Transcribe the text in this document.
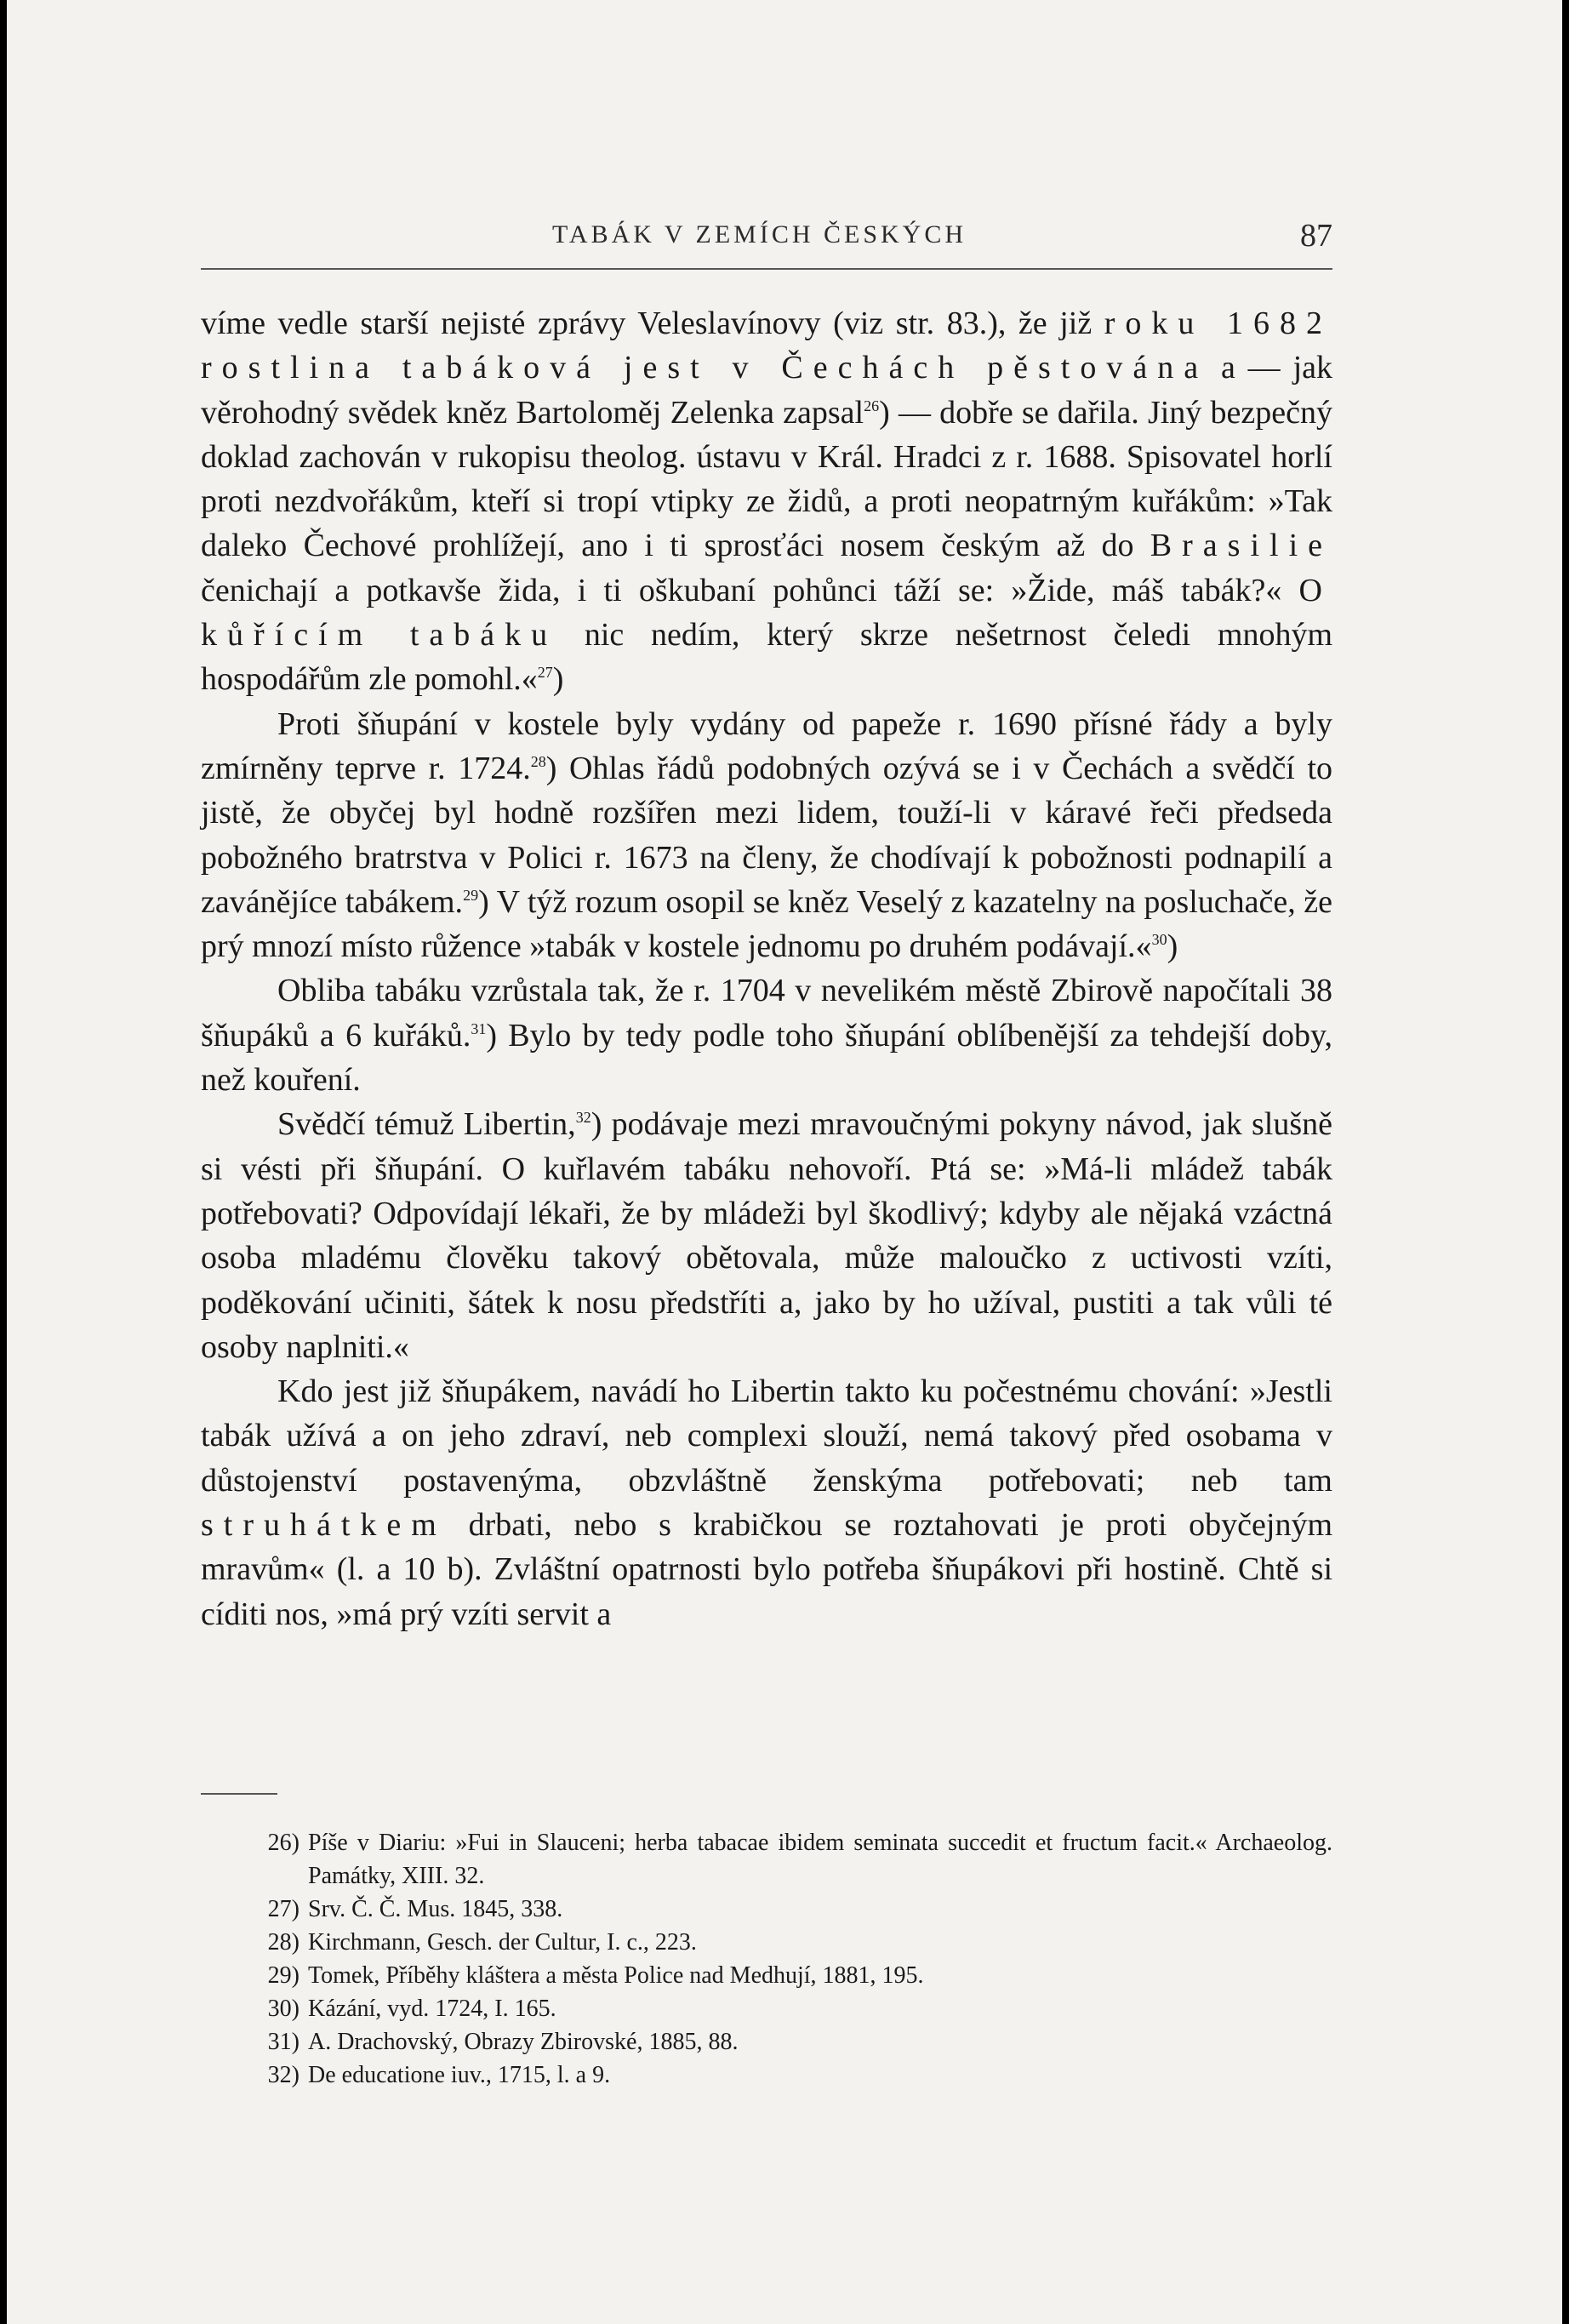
TABÁK V ZEMÍCH ČESKÝCH	87

víme vedle starší nejisté zprávy Veleslavínovy (viz str. 83.), že již roku 1682 rostlina tabáková jest v Čechách pěstována a — jak věrohodný svědek kněz Bartoloměj Zelenka zapsal$^{26}$) — dobře se dařila. Jiný bezpečný doklad zachován v rukopisu theolog. ústavu v Král. Hradci z r. 1688. Spisovatel horlí proti nezdvořákům, kteří si tropí vtipky ze židů, a proti neopatrným kuřákům: »Tak daleko Čechové prohlížejí, ano i ti sprosťáci nosem českým až do Brasilie čenichají a potkavše žida, i ti oškubaní pohůnci táží se: »Žide, máš tabák?« O kůřícím tabáku nic nedím, který skrze nešetrnost čeledi mnohým hospodářům zle pomohl.«$^{27}$)

Proti šňupání v kostele byly vydány od papeže r. 1690 přísné řády a byly zmírněny teprve r. 1724.28) Ohlas řádů podobných ozývá se i v Čechách a svědčí to jistě, že obyčej byl hodně rozšířen mezi lidem, touží-li v káravé řeči předseda pobožného bratrstva v Polici r. 1673 na členy, že chodívají k pobožnosti podnapilí a zavánějíce tabákem.$^{29}$) V týž rozum osopil se kněz Veselý z kazatelny na posluchače, že prý mnozí místo růžence »tabák v kostele jednomu po druhém podávají.«$^{30}$)

Obliba tabáku vzrůstala tak, že r. 1704 v nevelikém městě Zbirově napočítali 38 šňupáků a 6 kuřáků.$^{31}$) Bylo by tedy podle toho šňupání oblíbenější za tehdejší doby, než kouření.

Svědčí témuž Libertin,$^{32}$) podávaje mezi mravoučnými pokyny návod, jak slušně si vésti při šňupání. O kuřlavém tabáku nehovoří. Ptá se: »Má-li mládež tabák potřebovati? Odpovídají lékaři, že by mládeži byl škodlivý; kdyby ale nějaká vzáctná osoba mladému člověku takový obětovala, může maloučko z uctivosti vzíti, poděkování učiniti, šátek k nosu předstříti a, jako by ho užíval, pustiti a tak vůli té osoby naplniti.«

Kdo jest již šňupákem, navádí ho Libertin takto ku počestnému chování: »Jestli tabák užívá a on jeho zdraví, neb complexi slouží, nemá takový před osobama v důstojenství postavenýma, obzvláštně ženskýma potřebovati; neb tam struhátkem drbati, nebo s krabičkou se roztahovati je proti obyčejným mravům« (l. a 10 b). Zvláštní opatrnosti bylo potřeba šňupákovi při hostině. Chtě si cíditi nos, »má prý vzíti servit a

26) Píše v Diariu: »Fui in Slauceni; herba tabacae ibidem seminata succedit et fructum facit.« Archaeolog. Památky, XIII. 32.

27) Srv. Č. Č. Mus. 1845, 338.

28) Kirchmann, Gesch. der Cultur, I. c., 223.

29) Tomek, Příběhy kláštera a města Police nad Medhují, 1881, 195.

30) Kázání, vyd. 1724, I. 165.

31) A. Drachovský, Obrazy Zbirovské, 1885, 88.

32) De educatione iuv., 1715, l. a 9.
